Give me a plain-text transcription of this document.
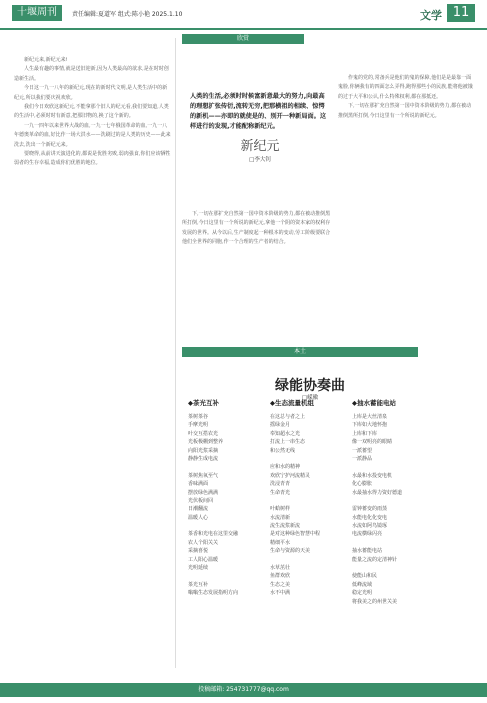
十堰周刊	责任编辑:夏道军 组式:陈小艳 2025.1.10	文学 11
欣赏
本土

新纪元来,新纪元来!

人生最有趣的事情,就是送旧迎新,因为人类最高的欲求,是在时时创造新生活。

今日这一九一八年的新纪元,现在的新时代文明,是人类生活中的新纪元,所以我们要庆祝欢欣。

我们今日欢欣这新纪元,不能拿那个旧人的纪元看,我们要知道,人类的生活中,必须时时有新意,把那旧物的,换了这个新的。

一九一四年以来世界大战的血,一九一七年俄国革命的血,一九一八年德奥革命的血,好比作一场大洪水——洗刷过的是人类的历史——此来洗去,洗出一个新纪元来。

要晓得,从前讲天演进化的,都说是优胜劣败,弱肉强食,你们应该牺牲弱者的生存幸福,造成你们优胜的地位。

人类的生活,必须时时候富新意最大的努力,向最高的理想扩张传衍,流转无穷,把那横祖的相续、惊愕的新机——亦即的就使是的、别开一种新局面。这样进行的发现,才能配称新纪元。
新纪元
□李大钊

下,一切在那扩充自然第一国中资本阶级的势力,都在被动推倒黑所打倒,今日这里有一个所说的新纪元,拿他一个阴的资本家的权利存发展的世界。从今以后,生产制度起一种根本的变动,劳工阶级要联合他们全世界的同胞,作一个合理的生产者的结合。

作鬼的党的,常备兵是他们的鬼的保障,他们是是最靠一面鬼脸,你俩我有的四面怎么弄得,跑得那些小的民族,能将他被饿的过于大平和公认,什么特殊权利,都在那抵还。

下,一切在那扩充自然第一国中资本阶级的势力,都在被动推倒黑所打倒,今日这里有一个所说的新纪元。

绿能协奏曲
□嵘徽
◆茶光互补
茶树茶谷
手摩光明
叶交互搭农光
光板极棚到整养
向阳光浆采摘
静静生成电流
茶树焦氧至气
香味满面
摆放绿色满满
光伏板间回
日潮翻流
温暖人心
茶香和光电在这里交融
农人个阳关关
采摘喜悦
工人阳心温暖
光明延续
茶光互补
嗡嗡生态发展指明方向
◆生态流量机组
在这总与者之上
摇绿金月
奉知超水之光
打流上一串生态
和公然无线
应和水的精神
欢欣宁护河流精灵
洗浸青青
生命青光
叶蛤树样
水流清新
流生流浆新流
是对这种绿色智慧中程
精细平水
生命与资源的天美
水草茁壮
鱼群欢欣
生态之美
水不中满
◆抽水蓄能电站
上库是大丝清泉
下库如大地怀抱
上库和下库
像一双明亮的眼睛
一派蓄望
一派静品
水最和水投变电机
化心膨胀
水最抽水得力资好德道
雷钟蓄变的雨蒸
水能电化化变电
水流如阿鸟镜琢
电流横绿闪亮
抽水蓄能电站
能量之流的定清神针
使能山和民
低峰流域
稳定光明
将我美之的州世关美
投稿邮箱: 254731777@qq.com
